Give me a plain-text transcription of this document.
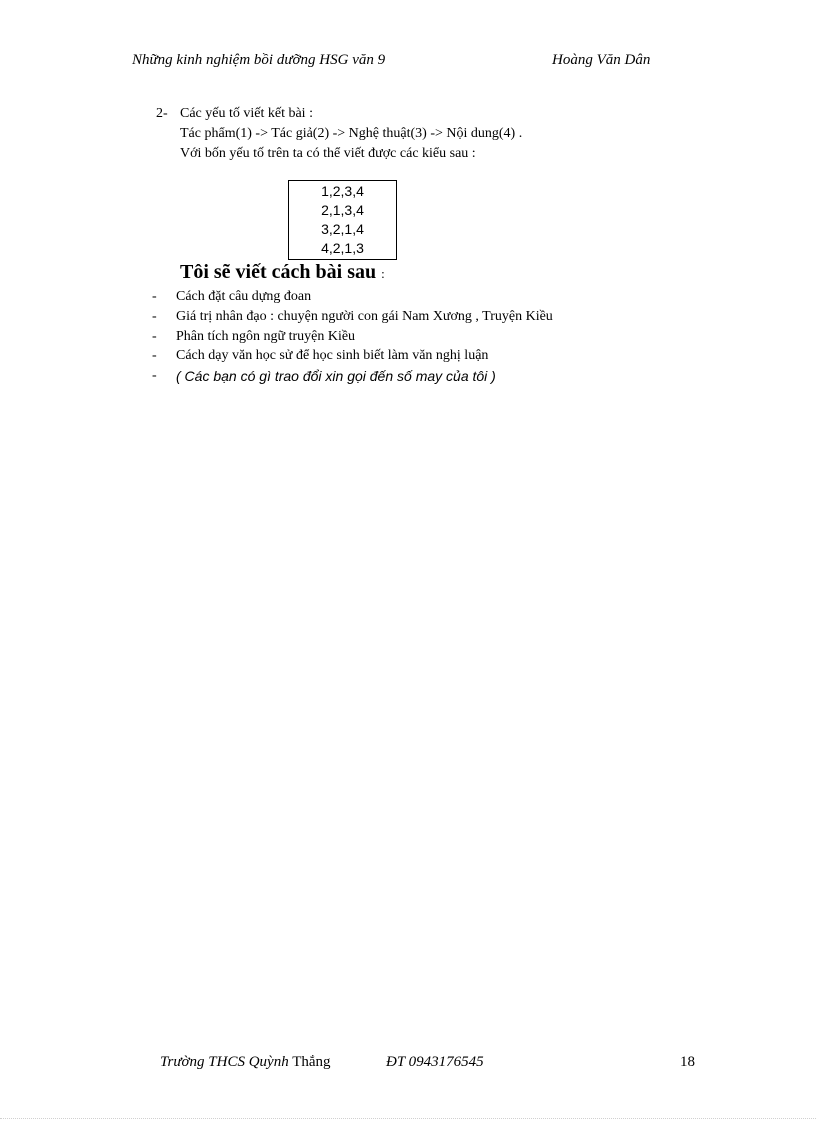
Những kinh nghiệm bồi dưỡng HSG văn 9	Hoàng Văn Dân
2- Các yếu tố viết kết bài :
Tác phẩm(1) -> Tác giả(2) -> Nghệ thuật(3) -> Nội dung(4) .
Với bốn yếu tố trên ta có thể viết được các kiểu sau :
1,2,3,4
2,1,3,4
3,2,1,4
4,2,1,3
Tôi sẽ viết cách bài sau :
- Cách đặt câu dựng đoan
- Giá trị nhân đạo : chuyện người con gái Nam Xương , Truyện Kiều
- Phân tích ngôn ngữ truyện Kiều
- Cách dạy văn học sử để học sinh biết làm văn nghị luận
- ( Các bạn có gì trao đổi xin gọi đến số may của tôi )
Trường THCS Quỳnh Thắng	ĐT 0943176545	18
